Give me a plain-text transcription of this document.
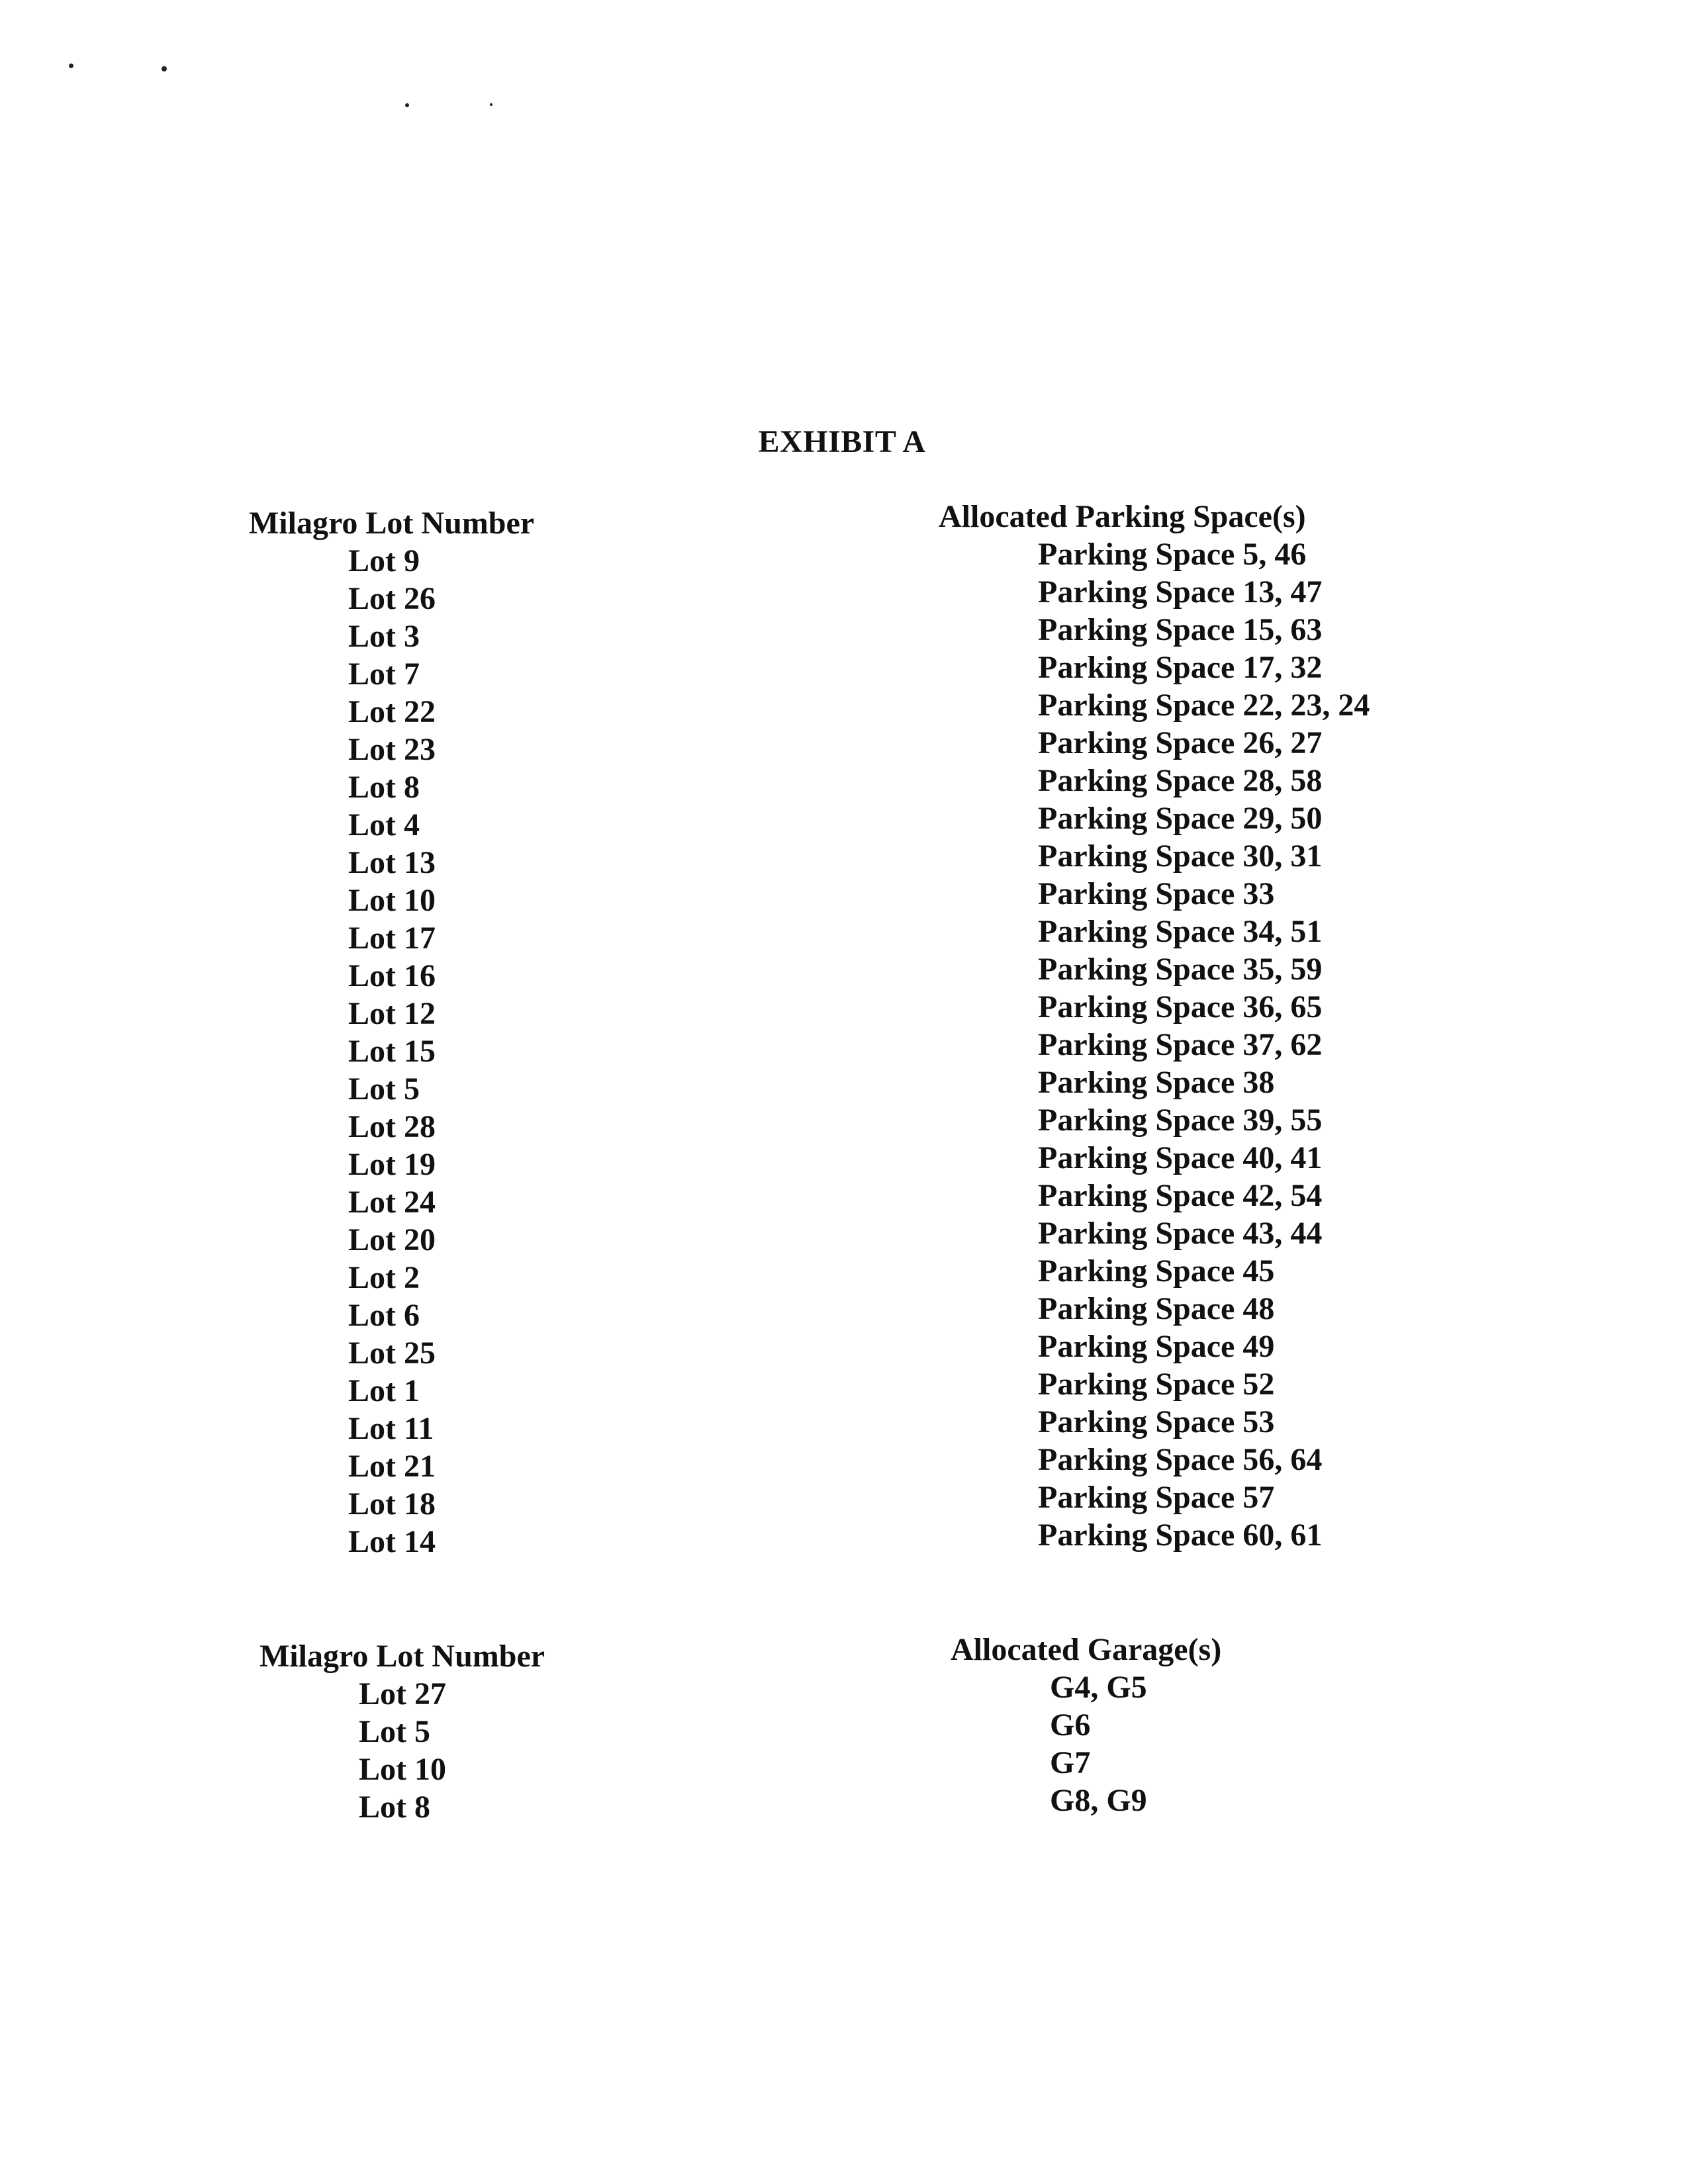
EXHIBIT A
Milagro Lot Number
Lot 9
Lot 26
Lot 3
Lot 7
Lot 22
Lot 23
Lot 8
Lot 4
Lot 13
Lot 10
Lot 17
Lot 16
Lot 12
Lot 15
Lot 5
Lot 28
Lot 19
Lot 24
Lot 20
Lot 2
Lot 6
Lot 25
Lot 1
Lot 11
Lot 21
Lot 18
Lot 14
Allocated Parking Space(s)
Parking Space 5, 46
Parking Space 13, 47
Parking Space 15, 63
Parking Space 17, 32
Parking Space 22, 23, 24
Parking Space 26, 27
Parking Space 28, 58
Parking Space 29, 50
Parking Space 30, 31
Parking Space 33
Parking Space 34, 51
Parking Space 35, 59
Parking Space 36, 65
Parking Space 37, 62
Parking Space 38
Parking Space 39, 55
Parking Space 40, 41
Parking Space 42, 54
Parking Space 43, 44
Parking Space 45
Parking Space 48
Parking Space 49
Parking Space 52
Parking Space 53
Parking Space 56, 64
Parking Space 57
Parking Space 60, 61
Milagro Lot Number
Lot 27
Lot 5
Lot 10
Lot 8
Allocated Garage(s)
G4, G5
G6
G7
G8, G9
